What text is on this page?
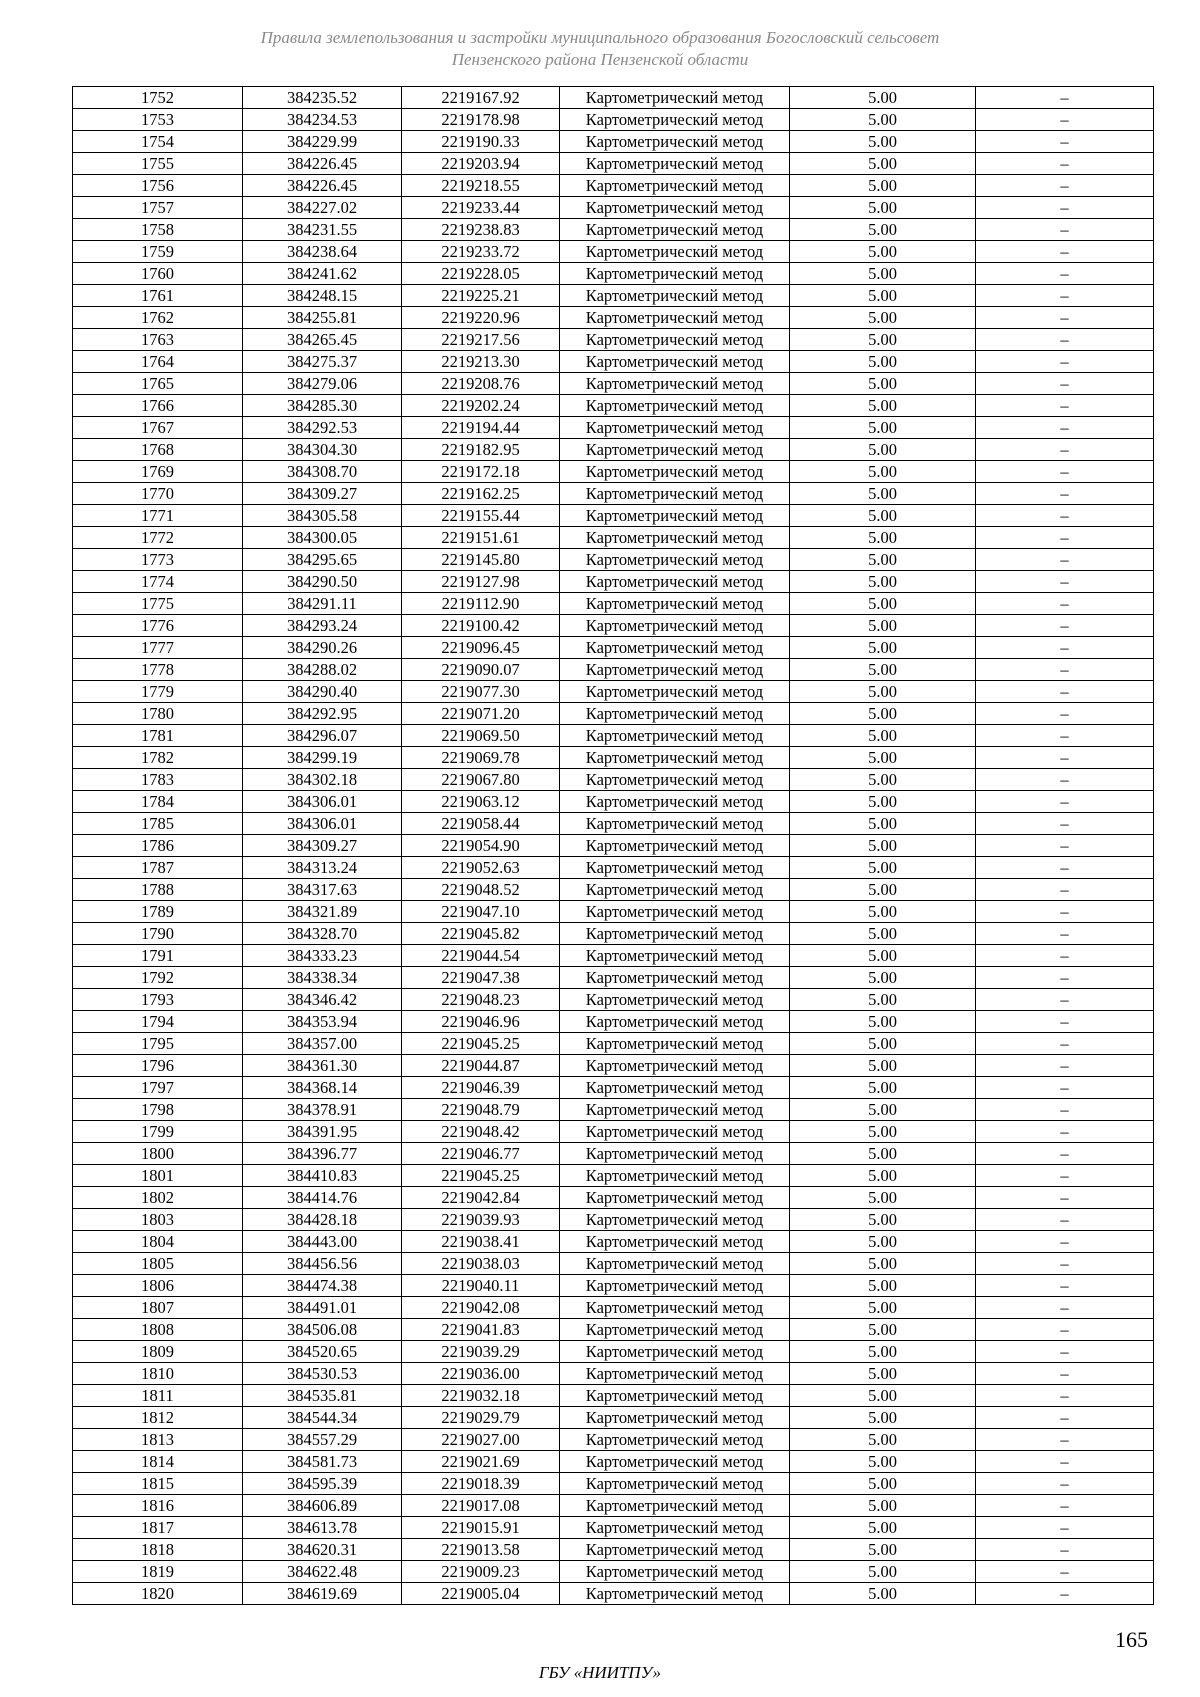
Правила землепользования и застройки муниципального образования Богословский сельсовет
Пензенского района Пензенской области
1752	384235.52	2219167.92	Картометрический метод	5.00	–
1753	384234.53	2219178.98	Картометрический метод	5.00	–
1754	384229.99	2219190.33	Картометрический метод	5.00	–
1755	384226.45	2219203.94	Картометрический метод	5.00	–
1756	384226.45	2219218.55	Картометрический метод	5.00	–
1757	384227.02	2219233.44	Картометрический метод	5.00	–
1758	384231.55	2219238.83	Картометрический метод	5.00	–
1759	384238.64	2219233.72	Картометрический метод	5.00	–
1760	384241.62	2219228.05	Картометрический метод	5.00	–
1761	384248.15	2219225.21	Картометрический метод	5.00	–
1762	384255.81	2219220.96	Картометрический метод	5.00	–
1763	384265.45	2219217.56	Картометрический метод	5.00	–
1764	384275.37	2219213.30	Картометрический метод	5.00	–
1765	384279.06	2219208.76	Картометрический метод	5.00	–
1766	384285.30	2219202.24	Картометрический метод	5.00	–
1767	384292.53	2219194.44	Картометрический метод	5.00	–
1768	384304.30	2219182.95	Картометрический метод	5.00	–
1769	384308.70	2219172.18	Картометрический метод	5.00	–
1770	384309.27	2219162.25	Картометрический метод	5.00	–
1771	384305.58	2219155.44	Картометрический метод	5.00	–
1772	384300.05	2219151.61	Картометрический метод	5.00	–
1773	384295.65	2219145.80	Картометрический метод	5.00	–
1774	384290.50	2219127.98	Картометрический метод	5.00	–
1775	384291.11	2219112.90	Картометрический метод	5.00	–
1776	384293.24	2219100.42	Картометрический метод	5.00	–
1777	384290.26	2219096.45	Картометрический метод	5.00	–
1778	384288.02	2219090.07	Картометрический метод	5.00	–
1779	384290.40	2219077.30	Картометрический метод	5.00	–
1780	384292.95	2219071.20	Картометрический метод	5.00	–
1781	384296.07	2219069.50	Картометрический метод	5.00	–
1782	384299.19	2219069.78	Картометрический метод	5.00	–
1783	384302.18	2219067.80	Картометрический метод	5.00	–
1784	384306.01	2219063.12	Картометрический метод	5.00	–
1785	384306.01	2219058.44	Картометрический метод	5.00	–
1786	384309.27	2219054.90	Картометрический метод	5.00	–
1787	384313.24	2219052.63	Картометрический метод	5.00	–
1788	384317.63	2219048.52	Картометрический метод	5.00	–
1789	384321.89	2219047.10	Картометрический метод	5.00	–
1790	384328.70	2219045.82	Картометрический метод	5.00	–
1791	384333.23	2219044.54	Картометрический метод	5.00	–
1792	384338.34	2219047.38	Картометрический метод	5.00	–
1793	384346.42	2219048.23	Картометрический метод	5.00	–
1794	384353.94	2219046.96	Картометрический метод	5.00	–
1795	384357.00	2219045.25	Картометрический метод	5.00	–
1796	384361.30	2219044.87	Картометрический метод	5.00	–
1797	384368.14	2219046.39	Картометрический метод	5.00	–
1798	384378.91	2219048.79	Картометрический метод	5.00	–
1799	384391.95	2219048.42	Картометрический метод	5.00	–
1800	384396.77	2219046.77	Картометрический метод	5.00	–
1801	384410.83	2219045.25	Картометрический метод	5.00	–
1802	384414.76	2219042.84	Картометрический метод	5.00	–
1803	384428.18	2219039.93	Картометрический метод	5.00	–
1804	384443.00	2219038.41	Картометрический метод	5.00	–
1805	384456.56	2219038.03	Картометрический метод	5.00	–
1806	384474.38	2219040.11	Картометрический метод	5.00	–
1807	384491.01	2219042.08	Картометрический метод	5.00	–
1808	384506.08	2219041.83	Картометрический метод	5.00	–
1809	384520.65	2219039.29	Картометрический метод	5.00	–
1810	384530.53	2219036.00	Картометрический метод	5.00	–
1811	384535.81	2219032.18	Картометрический метод	5.00	–
1812	384544.34	2219029.79	Картометрический метод	5.00	–
1813	384557.29	2219027.00	Картометрический метод	5.00	–
1814	384581.73	2219021.69	Картометрический метод	5.00	–
1815	384595.39	2219018.39	Картометрический метод	5.00	–
1816	384606.89	2219017.08	Картометрический метод	5.00	–
1817	384613.78	2219015.91	Картометрический метод	5.00	–
1818	384620.31	2219013.58	Картометрический метод	5.00	–
1819	384622.48	2219009.23	Картометрический метод	5.00	–
1820	384619.69	2219005.04	Картометрический метод	5.00	–
165
ГБУ «НИИТПУ»
